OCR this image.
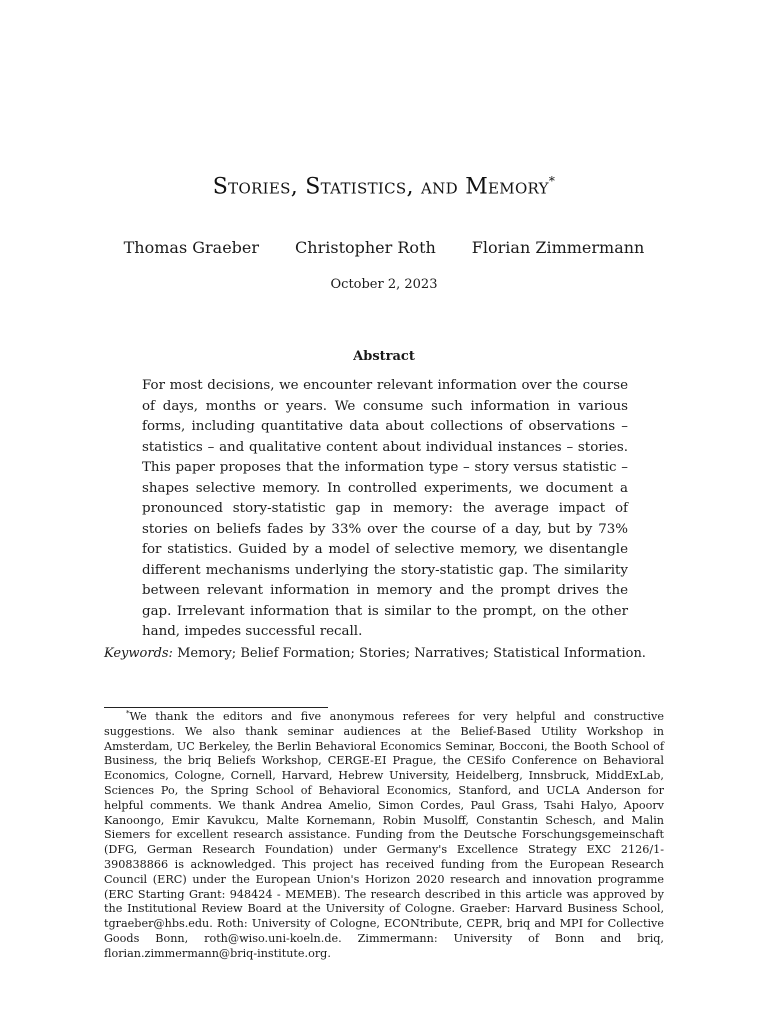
Stories, Statistics, and Memory*
Thomas Graeber Christopher Roth Florian Zimmermann
October 2, 2023
Abstract
For most decisions, we encounter relevant information over the course of days, months or years. We consume such information in various forms, including quantitative data about collections of observations – statistics – and qualitative content about individual instances – stories. This paper proposes that the information type – story versus statistic – shapes selective memory. In controlled experiments, we document a pronounced story-statistic gap in memory: the average impact of stories on beliefs fades by 33% over the course of a day, but by 73% for statistics. Guided by a model of selective memory, we disentangle different mechanisms underlying the story-statistic gap. The similarity between relevant information in memory and the prompt drives the gap. Irrelevant information that is similar to the prompt, on the other hand, impedes successful recall.
Keywords: Memory; Belief Formation; Stories; Narratives; Statistical Information.
*We thank the editors and five anonymous referees for very helpful and constructive suggestions. We also thank seminar audiences at the Belief-Based Utility Workshop in Amsterdam, UC Berkeley, the Berlin Behavioral Economics Seminar, Bocconi, the Booth School of Business, the briq Beliefs Workshop, CERGE-EI Prague, the CESifo Conference on Behavioral Economics, Cologne, Cornell, Harvard, Hebrew University, Heidelberg, Innsbruck, MiddExLab, Sciences Po, the Spring School of Behavioral Economics, Stanford, and UCLA Anderson for helpful comments. We thank Andrea Amelio, Simon Cordes, Paul Grass, Tsahi Halyo, Apoorv Kanoongo, Emir Kavukcu, Malte Kornemann, Robin Musolff, Constantin Schesch, and Malin Siemers for excellent research assistance. Funding from the Deutsche Forschungsgemeinschaft (DFG, German Research Foundation) under Germany's Excellence Strategy EXC 2126/1-390838866 is acknowledged. This project has received funding from the European Research Council (ERC) under the European Union's Horizon 2020 research and innovation programme (ERC Starting Grant: 948424 - MEMEB). The research described in this article was approved by the Institutional Review Board at the University of Cologne. Graeber: Harvard Business School, tgraeber@hbs.edu. Roth: University of Cologne, ECONtribute, CEPR, briq and MPI for Collective Goods Bonn, roth@wiso.uni-koeln.de. Zimmermann: University of Bonn and briq, florian.zimmermann@briq-institute.org.
